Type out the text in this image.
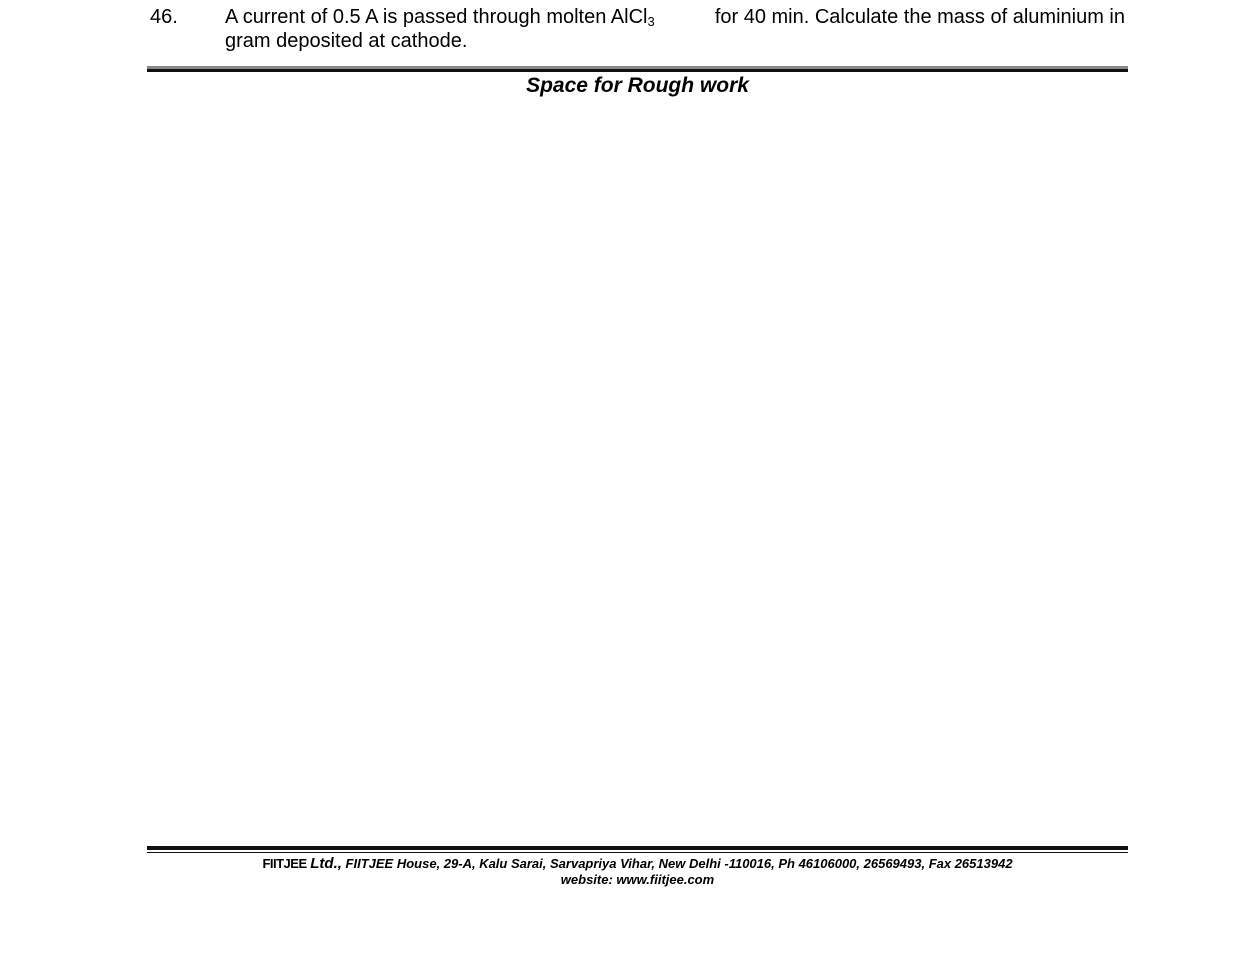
46. A current of 0.5 A is passed through molten AlCl$_3$	for 40 min. Calculate the mass of aluminium in
gram deposited at cathode.
Space for Rough work
FIITJEE Ltd., FIITJEE House, 29-A, Kalu Sarai, Sarvapriya Vihar, New Delhi -110016, Ph 46106000, 26569493, Fax 26513942
website: www.fiitjee.com
